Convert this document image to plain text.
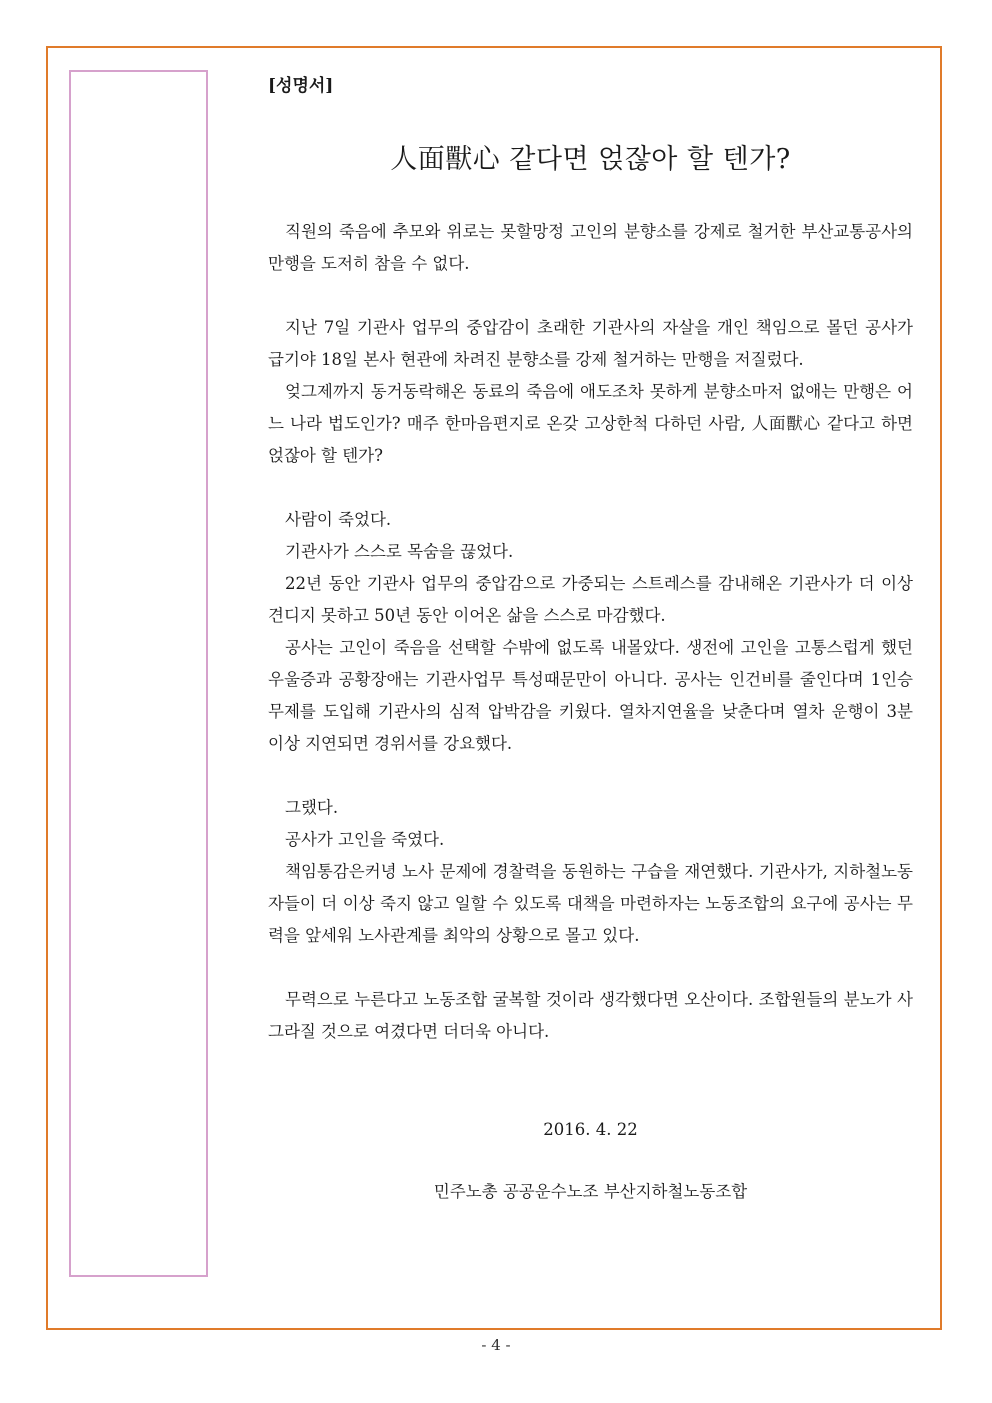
[성명서]
人面獸心 같다면 얹잖아 할 텐가?

직원의 죽음에 추모와 위로는 못할망정 고인의 분향소를 강제로 철거한 부산교통공사의 만행을 도저히 참을 수 없다.

지난 7일 기관사 업무의 중압감이 초래한 기관사의 자살을 개인 책임으로 몰던 공사가 급기야 18일 본사 현관에 차려진 분향소를 강제 철거하는 만행을 저질렀다.

엊그제까지 동거동락해온 동료의 죽음에 애도조차 못하게 분향소마저 없애는 만행은 어느 나라 법도인가? 매주 한마음편지로 온갖 고상한척 다하던 사람, 人面獸心 같다고 하면 얹잖아 할 텐가?

사람이 죽었다.

기관사가 스스로 목숨을 끊었다.

22년 동안 기관사 업무의 중압감으로 가중되는 스트레스를 감내해온 기관사가 더 이상 견디지 못하고 50년 동안 이어온 삶을 스스로 마감했다.

공사는 고인이 죽음을 선택할 수밖에 없도록 내몰았다. 생전에 고인을 고통스럽게 했던 우울증과 공황장애는 기관사업무 특성때문만이 아니다. 공사는 인건비를 줄인다며 1인승무제를 도입해 기관사의 심적 압박감을 키웠다. 열차지연율을 낮춘다며 열차 운행이 3분 이상 지연되면 경위서를 강요했다.

그랬다.

공사가 고인을 죽였다.

책임통감은커녕 노사 문제에 경찰력을 동원하는 구습을 재연했다. 기관사가, 지하철노동자들이 더 이상 죽지 않고 일할 수 있도록 대책을 마련하자는 노동조합의 요구에 공사는 무력을 앞세워 노사관계를 최악의 상황으로 몰고 있다.

무력으로 누른다고 노동조합 굴복할 것이라 생각했다면 오산이다. 조합원들의 분노가 사그라질 것으로 여겼다면 더더욱 아니다.

2016. 4. 22
민주노총 공공운수노조 부산지하철노동조합
- 4 -
